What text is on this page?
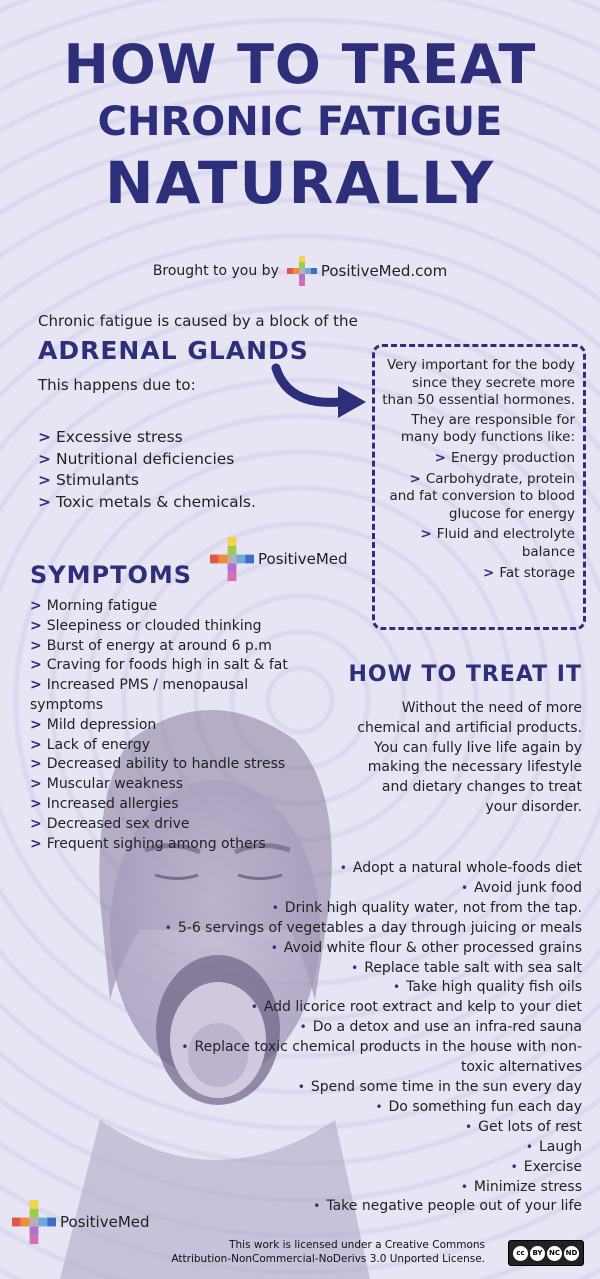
HOW TO TREAT
CHRONIC FATIGUE
NATURALLY
Brought to you by	PositiveMed.com
Chronic fatigue is caused by a block of the
ADRENAL GLANDS
This happens due to:
> Excessive stress
> Nutritional deficiencies
> Stimulants
> Toxic metals & chemicals.
Very important for the body since they secrete more than 50 essential hormones.
They are responsible for many body functions like:
> Energy production
> Carbohydrate, protein and fat conversion to blood glucose for energy
> Fluid and electrolyte balance
> Fat storage
PositiveMed
SYMPTOMS
> Morning fatigue
> Sleepiness or clouded thinking
> Burst of energy at around 6 p.m
> Craving for foods high in salt & fat
> Increased PMS / menopausal symptoms
> Mild depression
> Lack of energy
> Decreased ability to handle stress
> Muscular weakness
> Increased allergies
> Decreased sex drive
> Frequent sighing among others
HOW TO TREAT IT
Without the need of more chemical and artificial products. You can fully live life again by making the necessary lifestyle and dietary changes to treat your disorder.
• Adopt a natural whole-foods diet
• Avoid junk food
• Drink high quality water, not from the tap.
• 5-6 servings of vegetables a day through juicing or meals
• Avoid white flour & other processed grains
• Replace table salt with sea salt
• Take high quality fish oils
• Add licorice root extract and kelp to your diet
• Do a detox and use an infra-red sauna
• Replace toxic chemical products in the house with non-toxic alternatives
• Spend some time in the sun every day
• Do something fun each day
• Get lots of rest
• Laugh
• Exercise
• Minimize stress
• Take negative people out of your life
PositiveMed
This work is licensed under a Creative Commons
Attribution-NonCommercial-NoDerivs 3.0 Unported License.	cc	BY NC ND
